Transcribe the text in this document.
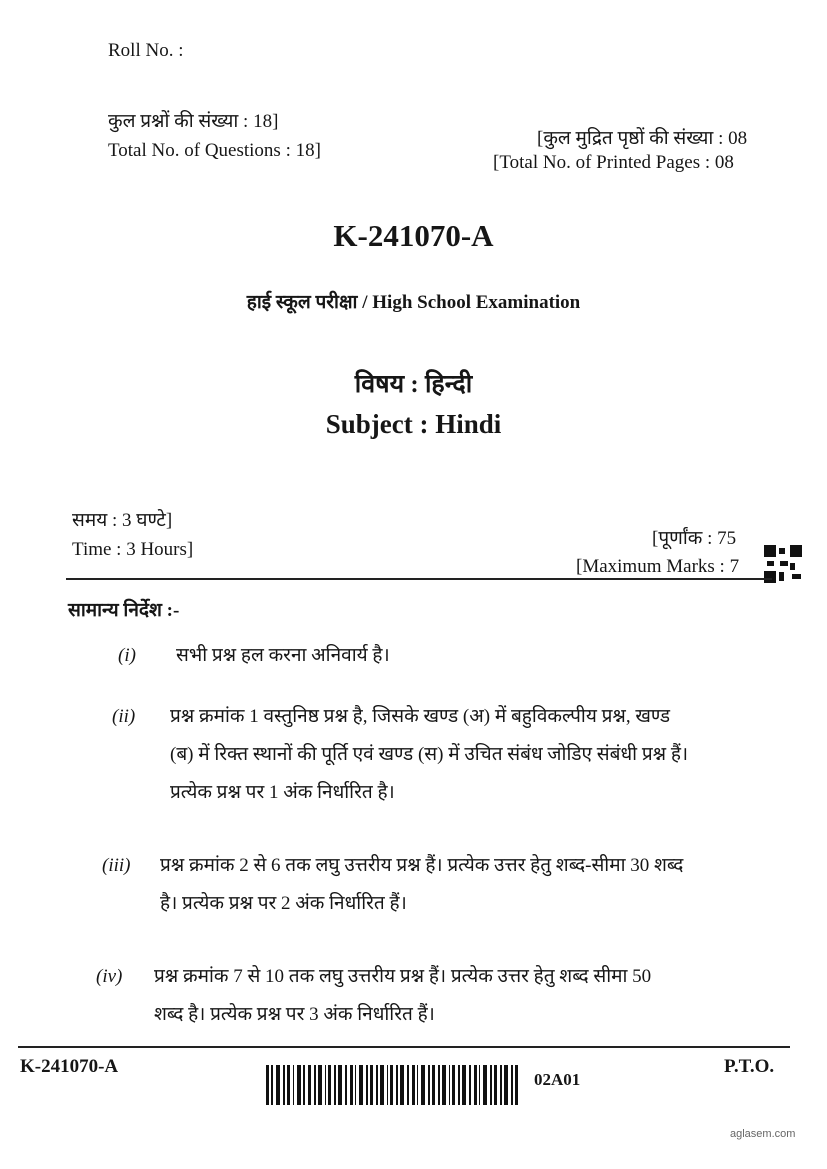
Roll No. :
कुल प्रश्नों की संख्या : 18]
Total No. of Questions : 18]
[कुल मुद्रित पृष्ठों की संख्या : 08
[Total No. of Printed Pages : 08
K-241070-A
हाई स्कूल परीक्षा / High School Examination
विषय : हिन्दी
Subject : Hindi
समय : 3 घण्टे]
Time : 3 Hours]
[पूर्णांक : 75
[Maximum Marks : 7
सामान्य निर्देश :-
(i) सभी प्रश्न हल करना अनिवार्य है।
(ii) प्रश्न क्रमांक 1 वस्तुनिष्ठ प्रश्न है, जिसके खण्ड (अ) में बहुविकल्पीय प्रश्न, खण्ड
(ब) में रिक्त स्थानों की पूर्ति एवं खण्ड (स) में उचित संबंध जोडिए संबंधी प्रश्न हैं।
प्रत्येक प्रश्न पर 1 अंक निर्धारित है।
(iii) प्रश्न क्रमांक 2 से 6 तक लघु उत्तरीय प्रश्न हैं। प्रत्येक उत्तर हेतु शब्द-सीमा 30 शब्द
है। प्रत्येक प्रश्न पर 2 अंक निर्धारित हैं।
(iv) प्रश्न क्रमांक 7 से 10 तक लघु उत्तरीय प्रश्न हैं। प्रत्येक उत्तर हेतु शब्द सीमा 50
शब्द है। प्रत्येक प्रश्न पर 3 अंक निर्धारित हैं।
K-241070-A
02A01
P.T.O.
aglasem.com
